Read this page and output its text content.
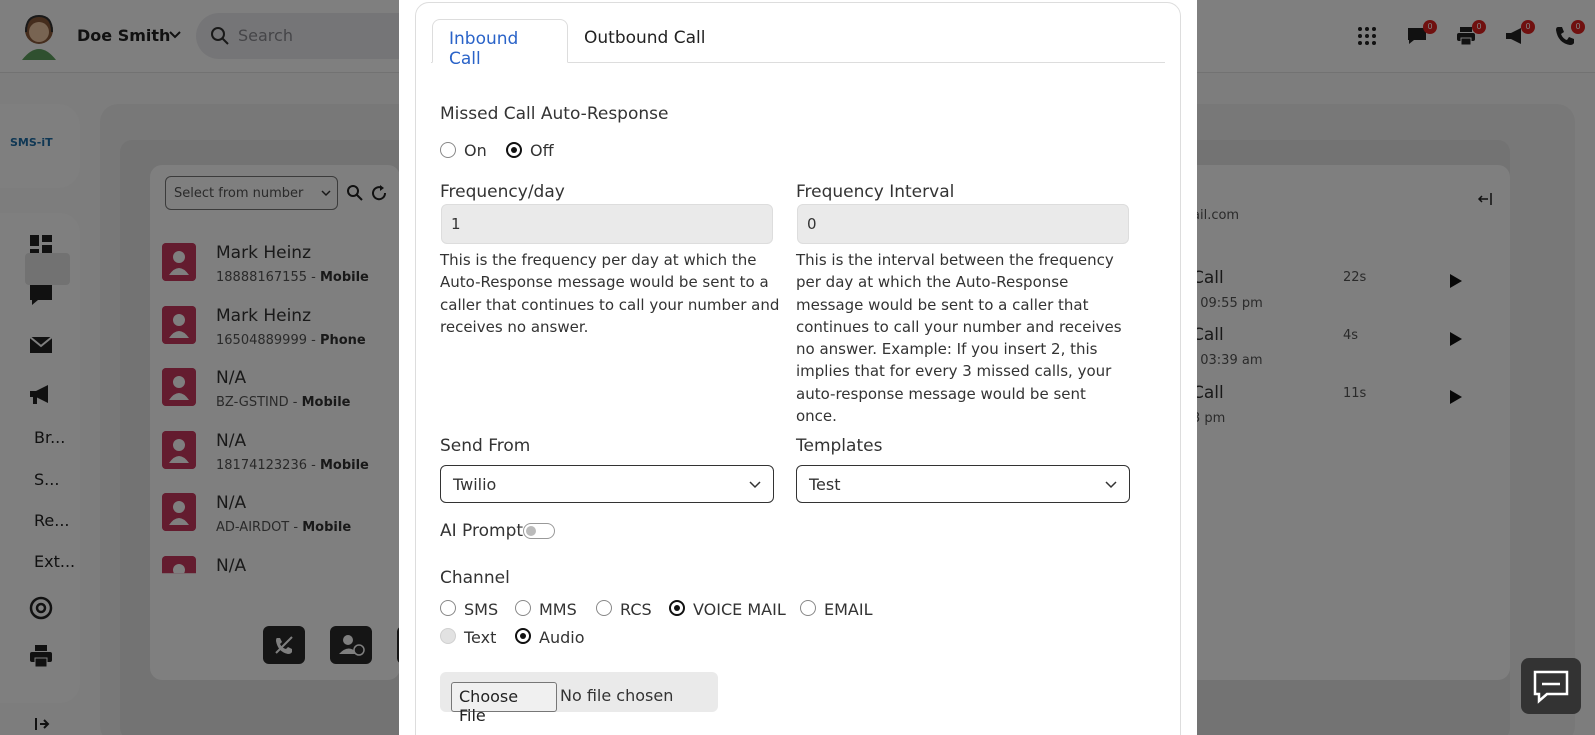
Inbound Call
Outbound Call
Missed Call Auto-Response
On	Off
Frequency/day
1

This is the frequency per day at which the Auto-Response message would be sent to a caller that continues to call your number and receives no answer.

Frequency Interval
0

This is the interval between the frequency per day at which the Auto-Response message would be sent to a caller that continues to call your number and receives no answer. Example: If you insert 2, this implies that for every 3 missed calls, your auto-response message would be sent once.

Send From
Twilio
Templates
Test
AI Prompt
Channel
SMS	MMS	RCS	VOICE MAIL EMAIL
Text	Audio
Choose File
No file chosen
